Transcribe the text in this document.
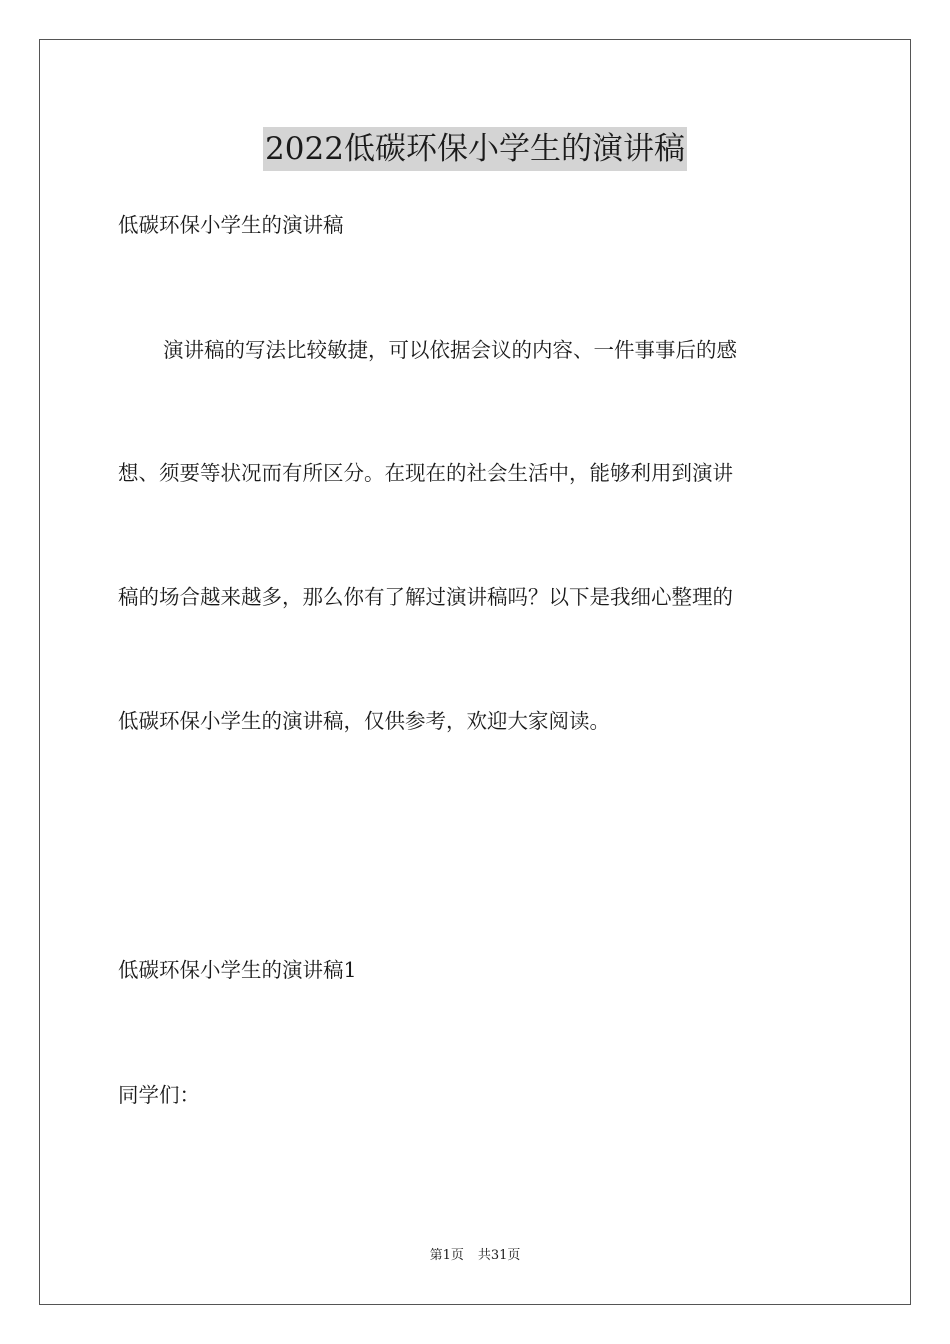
2022低碳环保小学生的演讲稿
低碳环保小学生的演讲稿
演讲稿的写法比较敏捷，可以依据会议的内容、一件事事后的感
想、须要等状况而有所区分。在现在的社会生活中，能够利用到演讲
稿的场合越来越多，那么你有了解过演讲稿吗？以下是我细心整理的
低碳环保小学生的演讲稿，仅供参考，欢迎大家阅读。
低碳环保小学生的演讲稿1
同学们：
第1页 共31页
